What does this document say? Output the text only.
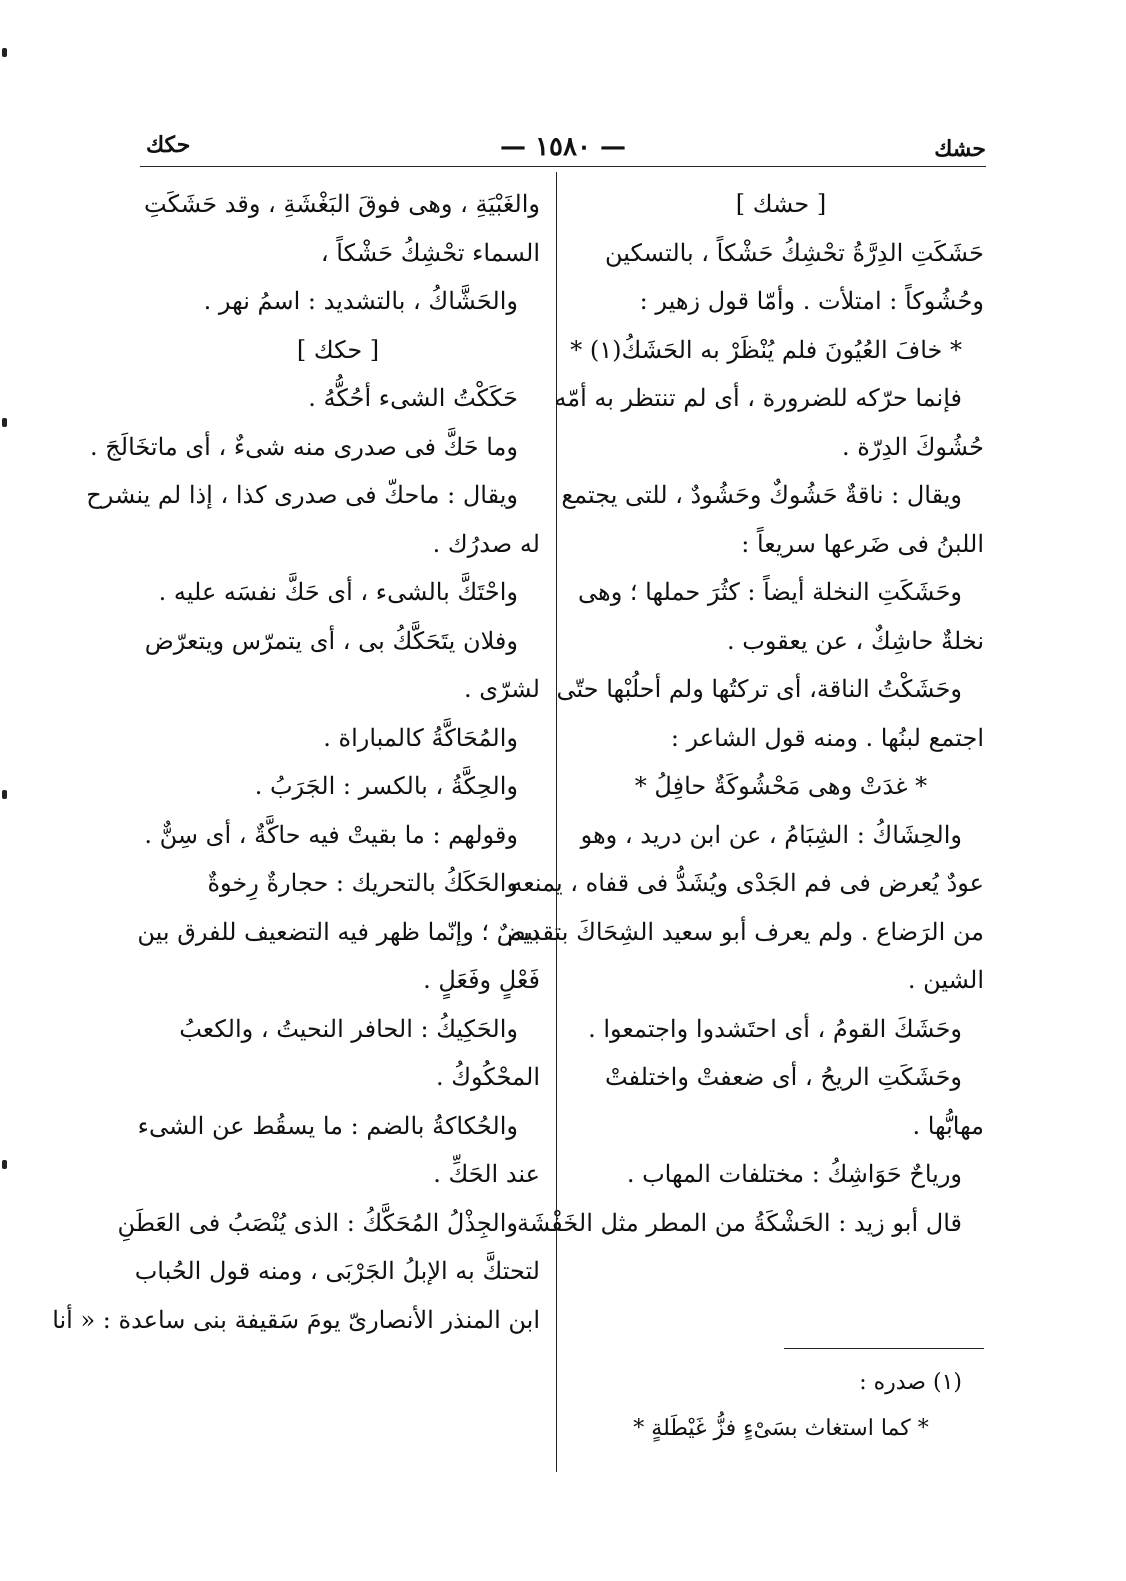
حشك
— ١٥٨٠ —
حكك
[ حشك ]
حَشَكَتِ الدِرَّةُ تحْشِكُ حَشْكاً ، بالتسكين
وحُشُوكاً : امتلأت . وأمّا قول زهير :
* خافَ العُيُونَ فلم يُنْظَرْ به الحَشَكُ(١) *
فإنما حرّكه للضرورة ، أى لم تنتظر به أمّه
حُشُوكَ الدِرّة .
ويقال : ناقةٌ حَشُوكٌ وحَشُودٌ ، للتى يجتمع
اللبنُ فى ضَرعها سريعاً :
وحَشَكَتِ النخلة أيضاً : كثُرَ حملها ؛ وهى
نخلةٌ حاشِكٌ ، عن يعقوب .
وحَشَكْتُ الناقة، أى تركتُها ولم أحلُبْها حتّى
اجتمع لبنُها . ومنه قول الشاعر :
* غدَتْ وهى مَحْشُوكَةٌ حافِلُ *
والحِشَاكُ : الشِبَامُ ، عن ابن دريد ، وهو
عودٌ يُعرض فى فم الجَدْى ويُشَدُّ فى قفاه ، يمنعه
من الرَضاع . ولم يعرف أبو سعيد الشِحَاكَ بتقديم
الشين .
وحَشَكَ القومُ ، أى احتَشدوا واجتمعوا .
وحَشَكَتِ الريحُ ، أى ضعفتْ واختلفتْ
مهابُّها .
ورياحٌ حَوَاشِكُ : مختلفات المهاب .
قال أبو زيد : الحَشْكَةُ من المطر مثل الخَفْشَة
(١) صدره :
* كما استغاث بسَىْءٍ فزُّ غَيْطَلةٍ *
والغَبْيَةِ ، وهى فوقَ البَغْشَةِ ، وقد حَشَكَتِ
السماء تحْشِكُ حَشْكاً ،
والحَشَّاكُ ، بالتشديد : اسمُ نهر .
[ حكك ]
حَكَكْتُ الشىء أحُكُّهُ .
وما حَكَّ فى صدرى منه شىءٌ ، أى ماتخَالَجَ .
ويقال : ماحكّ فى صدرى كذا ، إذا لم ينشرح
له صدرُك .
واحْتَكَّ بالشىء ، أى حَكَّ نفسَه عليه .
وفلان يتَحَكَّكُ بى ، أى يتمرّس ويتعرّض
لشرّى .
والمُحَاكَّةُ كالمباراة .
والحِكَّةُ ، بالكسر : الجَرَبُ .
وقولهم : ما بقيتْ فيه حاكَّةٌ ، أى سِنٌّ .
والحَكَكُ بالتحريك : حجارةٌ رِخوةٌ
بيضٌ ؛ وإنّما ظهر فيه التضعيف للفرق بين
فَعْلٍ وفَعَلٍ .
والحَكِيكُ : الحافر النحيتُ ، والكعبُ
المحْكُوكُ .
والحُكاكةُ بالضم : ما يسقُط عن الشىء
عند الحَكِّ .
والجِذْلُ المُحَكَّكُ : الذى يُنْصَبُ فى العَطَنِ
لتحتكَّ به الإبلُ الجَرْبَى ، ومنه قول الحُباب
ابن المنذر الأنصارىّ يومَ سَقيفة بنى ساعدة : « أنا
